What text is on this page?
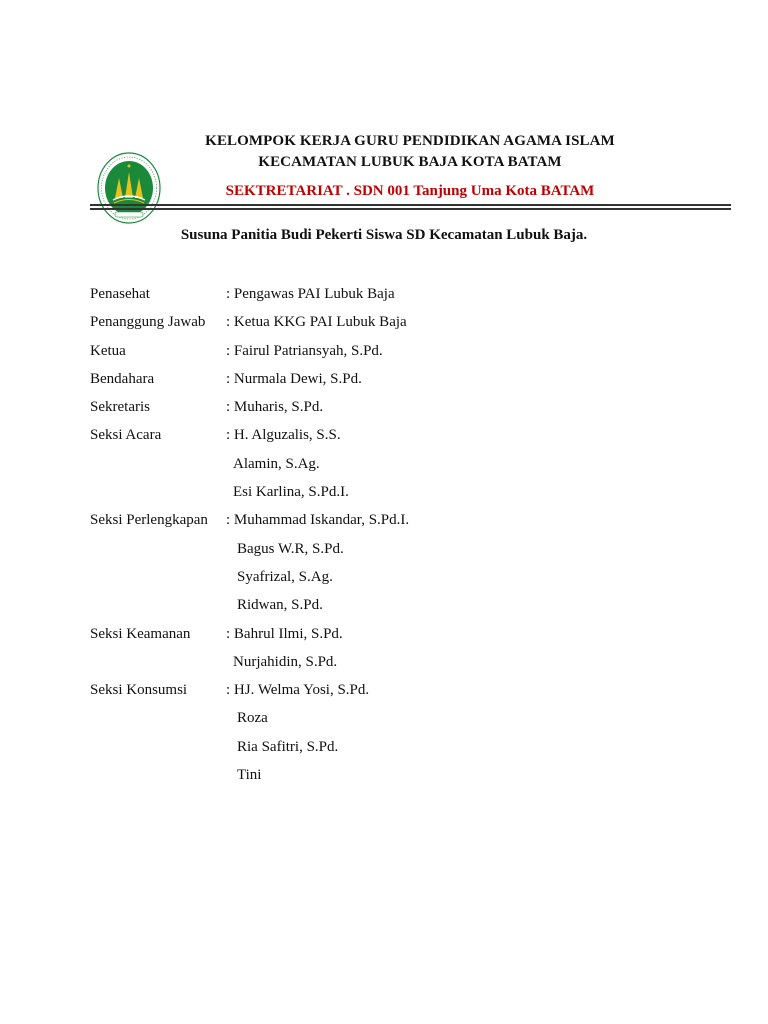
KELOMPOK KERJA GURU PENDIDIKAN AGAMA ISLAM
KECAMATAN LUBUK BAJA KOTA BATAM
SEKTRETARIAT . SDN 001 Tanjung Uma Kota BATAM
Susuna Panitia Budi Pekerti Siswa SD Kecamatan Lubuk Baja.
Penasehat	: Pengawas PAI Lubuk Baja
Penanggung Jawab : Ketua KKG PAI Lubuk Baja
Ketua	: Fairul Patriansyah, S.Pd.
Bendahara	: Nurmala Dewi, S.Pd.
Sekretaris	: Muharis, S.Pd.
Seksi Acara	: H. Alguzalis, S.S.
Alamin, S.Ag.
Esi Karlina, S.Pd.I.
Seksi Perlengkapan : Muhammad Iskandar, S.Pd.I.
Bagus W.R, S.Pd.
Syafrizal, S.Ag.
Ridwan, S.Pd.
Seksi Keamanan : Bahrul Ilmi, S.Pd.
Nurjahidin, S.Pd.
Seksi Konsumsi	: HJ. Welma Yosi, S.Pd.
Roza
Ria Safitri, S.Pd.
Tini
